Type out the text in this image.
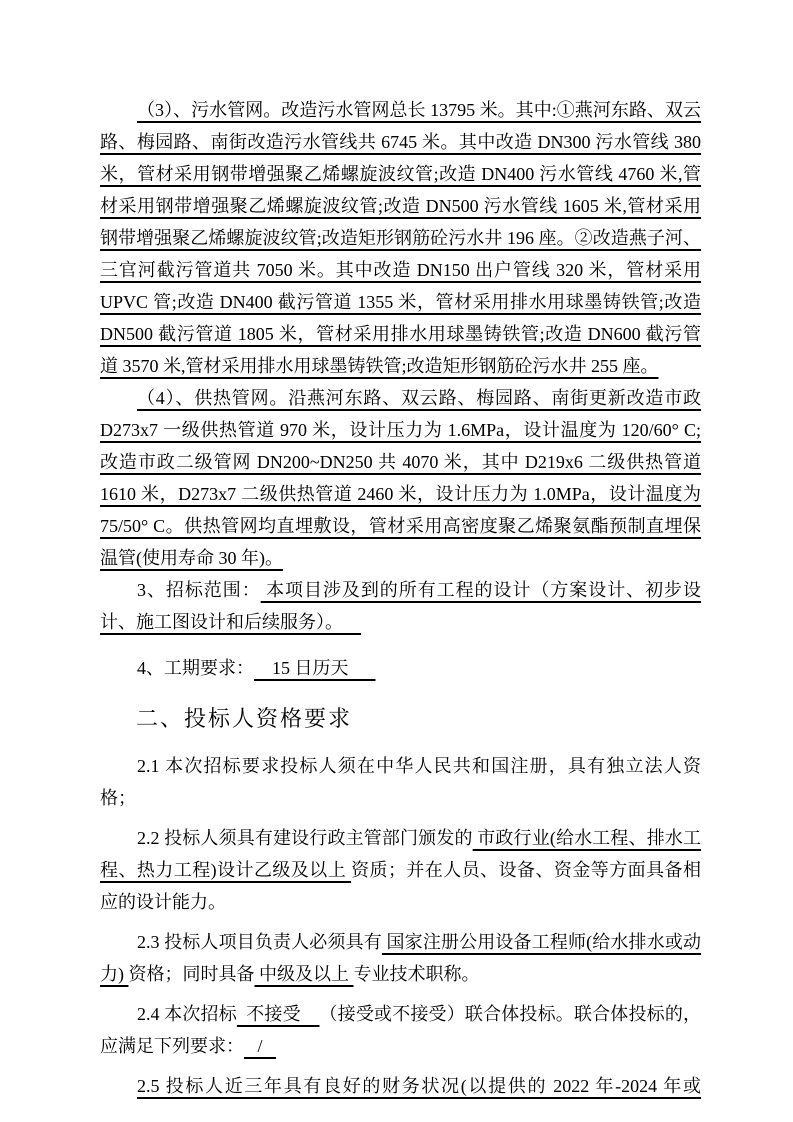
（3）、污水管网。改造污水管网总长 13795 米。其中:①燕河东路、双云路、梅园路、南街改造污水管线共 6745 米。其中改造 DN300 污水管线 380 米，管材采用钢带增强聚乙烯螺旋波纹管;改造 DN400 污水管线 4760 米,管材采用钢带增强聚乙烯螺旋波纹管;改造 DN500 污水管线 1605 米,管材采用钢带增强聚乙烯螺旋波纹管;改造矩形钢筋砼污水井 196 座。②改造燕子河、三官河截污管道共 7050 米。其中改造 DN150 出户管线 320 米，管材采用 UPVC 管;改造 DN400 截污管道 1355 米，管材采用排水用球墨铸铁管;改造 DN500 截污管道 1805 米，管材采用排水用球墨铸铁管;改造 DN600 截污管道 3570 米,管材采用排水用球墨铸铁管;改造矩形钢筋砼污水井 255 座。

（4）、供热管网。沿燕河东路、双云路、梅园路、南街更新改造市政 D273x7 一级供热管道 970 米，设计压力为 1.6MPa，设计温度为 120/60° C;改造市政二级管网 DN200~DN250 共 4070 米，其中 D219x6 二级供热管道 1610 米，D273x7 二级供热管道 2460 米，设计压力为 1.0MPa，设计温度为 75/50° C。供热管网均直埋敷设，管材采用高密度聚乙烯聚氨酯预制直埋保温管(使用寿命 30 年)。

3、招标范围： 本项目涉及到的所有工程的设计（方案设计、初步设计、施工图设计和后续服务）。

4、工期要求：    15 日历天

二、投标人资格要求

2.1 本次招标要求投标人须在中华人民共和国注册，具有独立法人资格；

2.2 投标人须具有建设行政主管部门颁发的 市政行业(给水工程、排水工程、热力工程)设计乙级及以上 资质；并在人员、设备、资金等方面具备相应的设计能力。

2.3 投标人项目负责人必须具有 国家注册公用设备工程师(给水排水或动力) 资格；同时具备 中级及以上 专业技术职称。

2.4 本次招标  不接受    （接受或不接受）联合体投标。联合体投标的，应满足下列要求：   /

2.5 投标人近三年具有良好的财务状况(以提供的 2022 年-2024 年或
